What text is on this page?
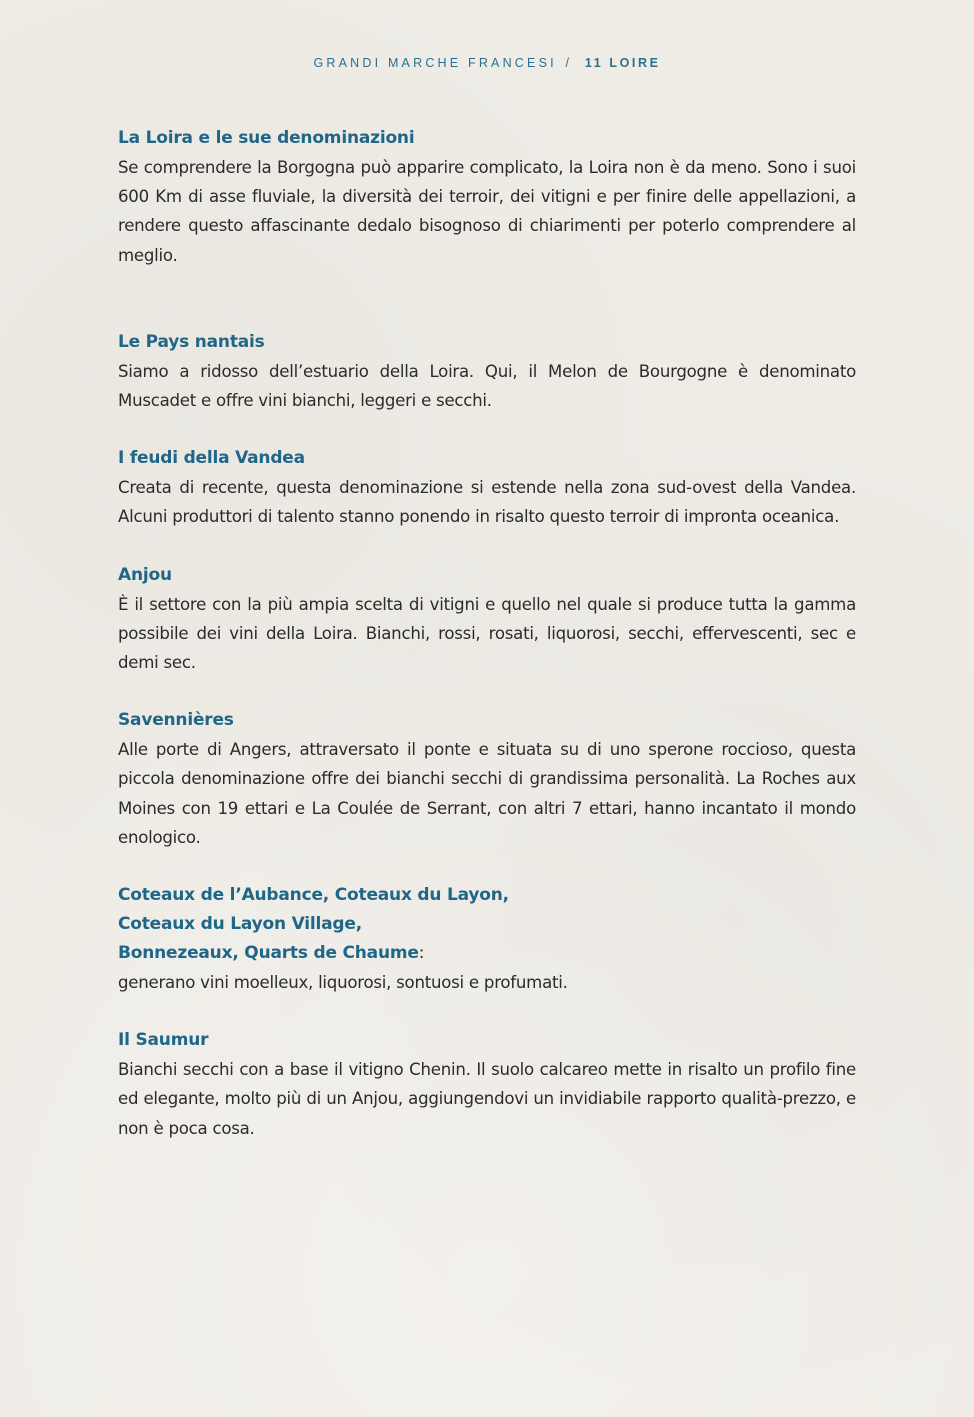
GRANDI MARCHE FRANCESI / 11 LOIRE

La Loira e le sue denominazioni

Se comprendere la Borgogna può apparire complicato, la Loira non è da meno. Sono i suoi 600 Km di asse fluviale, la diversità dei terroir, dei vitigni e per finire delle appellazioni, a rendere questo affascinante dedalo bisognoso di chiarimenti per poterlo comprendere al meglio.

Le Pays nantais

Siamo a ridosso dell’estuario della Loira. Qui, il Melon de Bourgogne è denominato Muscadet e offre vini bianchi, leggeri e secchi.

I feudi della Vandea

Creata di recente, questa denominazione si estende nella zona sud-ovest della Vandea. Alcuni produttori di talento stanno ponendo in risalto questo terroir di impronta oceanica.

Anjou

È il settore con la più ampia scelta di vitigni e quello nel quale si produce tutta la gamma possibile dei vini della Loira. Bianchi, rossi, rosati, liquorosi, secchi, effervescenti, sec e demi sec.

Savennières

Alle porte di Angers, attraversato il ponte e situata su di uno sperone roccioso, questa piccola denominazione offre dei bianchi secchi di grandissima personalità. La Roches aux Moines con 19 ettari e La Coulée de Serrant, con altri 7 ettari, hanno incantato il mondo enologico.

Coteaux de l’Aubance, Coteaux du Layon,

Coteaux du Layon Village,

Bonnezeaux, Quarts de Chaume:

generano vini moelleux, liquorosi, sontuosi e profumati.

Il Saumur

Bianchi secchi con a base il vitigno Chenin. Il suolo calcareo mette in risalto un profilo fine ed elegante, molto più di un Anjou, aggiungendovi un invidiabile rapporto qualità-prezzo, e non è poca cosa.
